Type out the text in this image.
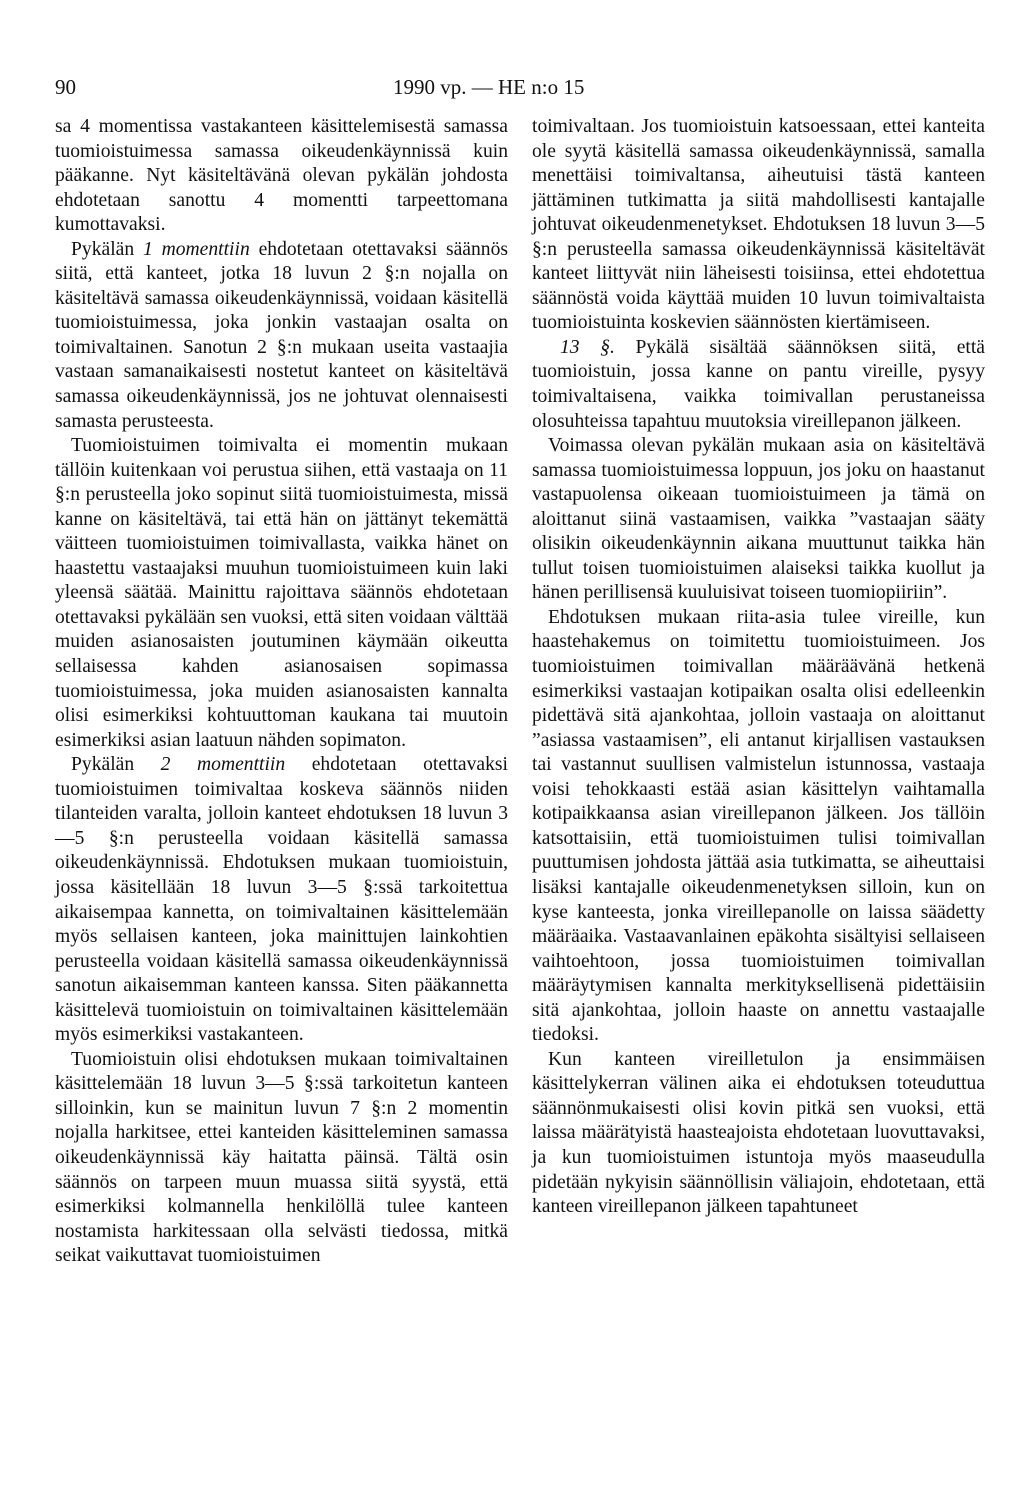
90	1990 vp. — HE n:o 15

sa 4 momentissa vastakanteen käsittelemisestä samassa tuomioistuimessa samassa oikeudenkäynnissä kuin pääkanne. Nyt käsiteltävänä olevan pykälän johdosta ehdotetaan sanottu 4 momentti tarpeettomana kumottavaksi.

Pykälän 1 momenttiin ehdotetaan otettavaksi säännös siitä, että kanteet, jotka 18 luvun 2 §:n nojalla on käsiteltävä samassa oikeudenkäynnissä, voidaan käsitellä tuomioistuimessa, joka jonkin vastaajan osalta on toimivaltainen. Sanotun 2 §:n mukaan useita vastaajia vastaan samanaikaisesti nostetut kanteet on käsiteltävä samassa oikeudenkäynnissä, jos ne johtuvat olennaisesti samasta perusteesta.

Tuomioistuimen toimivalta ei momentin mukaan tällöin kuitenkaan voi perustua siihen, että vastaaja on 11 §:n perusteella joko sopinut siitä tuomioistuimesta, missä kanne on käsiteltävä, tai että hän on jättänyt tekemättä väitteen tuomioistuimen toimivallasta, vaikka hänet on haastettu vastaajaksi muuhun tuomioistuimeen kuin laki yleensä säätää. Mainittu rajoittava säännös ehdotetaan otettavaksi pykälään sen vuoksi, että siten voidaan välttää muiden asianosaisten joutuminen käymään oikeutta sellaisessa kahden asianosaisen sopimassa tuomioistuimessa, joka muiden asianosaisten kannalta olisi esimerkiksi kohtuuttoman kaukana tai muutoin esimerkiksi asian laatuun nähden sopimaton.

Pykälän 2 momenttiin ehdotetaan otettavaksi tuomioistuimen toimivaltaa koskeva säännös niiden tilanteiden varalta, jolloin kanteet ehdotuksen 18 luvun 3—5 §:n perusteella voidaan käsitellä samassa oikeudenkäynnissä. Ehdotuksen mukaan tuomioistuin, jossa käsitellään 18 luvun 3—5 §:ssä tarkoitettua aikaisempaa kannetta, on toimivaltainen käsittelemään myös sellaisen kanteen, joka mainittujen lainkohtien perusteella voidaan käsitellä samassa oikeudenkäynnissä sanotun aikaisemman kanteen kanssa. Siten pääkannetta käsittelevä tuomioistuin on toimivaltainen käsittelemään myös esimerkiksi vastakanteen.

Tuomioistuin olisi ehdotuksen mukaan toimivaltainen käsittelemään 18 luvun 3—5 §:ssä tarkoitetun kanteen silloinkin, kun se mainitun luvun 7 §:n 2 momentin nojalla harkitsee, ettei kanteiden käsitteleminen samassa oikeudenkäynnissä käy haitatta päinsä. Tältä osin säännös on tarpeen muun muassa siitä syystä, että esimerkiksi kolmannella henkilöllä tulee kanteen nostamista harkitessaan olla selvästi tiedossa, mitkä seikat vaikuttavat tuomioistuimen

toimivaltaan. Jos tuomioistuin katsoessaan, ettei kanteita ole syytä käsitellä samassa oikeudenkäynnissä, samalla menettäisi toimivaltansa, aiheutuisi tästä kanteen jättäminen tutkimatta ja siitä mahdollisesti kantajalle johtuvat oikeudenmenetykset. Ehdotuksen 18 luvun 3—5 §:n perusteella samassa oikeudenkäynnissä käsiteltävät kanteet liittyvät niin läheisesti toisiinsa, ettei ehdotettua säännöstä voida käyttää muiden 10 luvun toimivaltaista tuomioistuinta koskevien säännösten kiertämiseen.

13 §. Pykälä sisältää säännöksen siitä, että tuomioistuin, jossa kanne on pantu vireille, pysyy toimivaltaisena, vaikka toimivallan perustaneissa olosuhteissa tapahtuu muutoksia vireillepanon jälkeen.

Voimassa olevan pykälän mukaan asia on käsiteltävä samassa tuomioistuimessa loppuun, jos joku on haastanut vastapuolensa oikeaan tuomioistuimeen ja tämä on aloittanut siinä vastaamisen, vaikka ”vastaajan sääty olisikin oikeudenkäynnin aikana muuttunut taikka hän tullut toisen tuomioistuimen alaiseksi taikka kuollut ja hänen perillisensä kuuluisivat toiseen tuomiopiiriin”.

Ehdotuksen mukaan riita-asia tulee vireille, kun haastehakemus on toimitettu tuomioistuimeen. Jos tuomioistuimen toimivallan määräävänä hetkenä esimerkiksi vastaajan kotipaikan osalta olisi edelleenkin pidettävä sitä ajankohtaa, jolloin vastaaja on aloittanut ”asiassa vastaamisen”, eli antanut kirjallisen vastauksen tai vastannut suullisen valmistelun istunnossa, vastaaja voisi tehokkaasti estää asian käsittelyn vaihtamalla kotipaikkaansa asian vireillepanon jälkeen. Jos tällöin katsottaisiin, että tuomioistuimen tulisi toimivallan puuttumisen johdosta jättää asia tutkimatta, se aiheuttaisi lisäksi kantajalle oikeudenmenetyksen silloin, kun on kyse kanteesta, jonka vireillepanolle on laissa säädetty määräaika. Vastaavanlainen epäkohta sisältyisi sellaiseen vaihtoehtoon, jossa tuomioistuimen toimivallan määräytymisen kannalta merkityksellisenä pidettäisiin sitä ajankohtaa, jolloin haaste on annettu vastaajalle tiedoksi.

Kun kanteen vireilletulon ja ensimmäisen käsittelykerran välinen aika ei ehdotuksen toteuduttua säännönmukaisesti olisi kovin pitkä sen vuoksi, että laissa määrätyistä haasteajoista ehdotetaan luovuttavaksi, ja kun tuomioistuimen istuntoja myös maaseudulla pidetään nykyisin säännöllisin väliajoin, ehdotetaan, että kanteen vireillepanon jälkeen tapahtuneet
